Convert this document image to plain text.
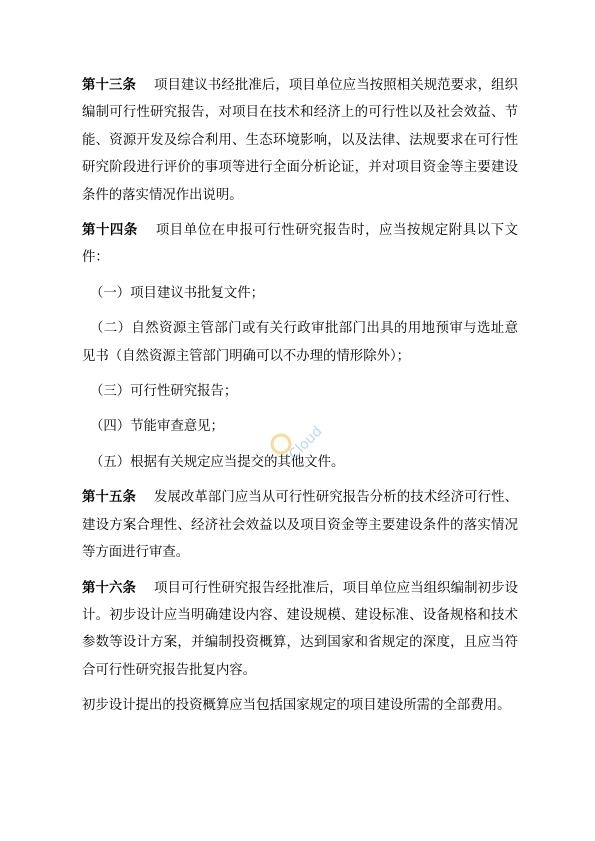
第十三条 项目建议书经批准后，项目单位应当按照相关规范要求，组织编制可行性研究报告，对项目在技术和经济上的可行性以及社会效益、节能、资源开发及综合利用、生态环境影响，以及法律、法规要求在可行性研究阶段进行评价的事项等进行全面分析论证，并对项目资金等主要建设条件的落实情况作出说明。

第十四条 项目单位在申报可行性研究报告时，应当按规定附具以下文件：

（一）项目建议书批复文件；

（二）自然资源主管部门或有关行政审批部门出具的用地预审与选址意见书（自然资源主管部门明确可以不办理的情形除外）；

（三）可行性研究报告；

（四）节能审查意见；

（五）根据有关规定应当提交的其他文件。

第十五条 发展改革部门应当从可行性研究报告分析的技术经济可行性、建设方案合理性、经济社会效益以及项目资金等主要建设条件的落实情况等方面进行审查。

第十六条 项目可行性研究报告经批准后，项目单位应当组织编制初步设计。初步设计应当明确建设内容、建设规模、建设标准、设备规格和技术参数等设计方案，并编制投资概算，达到国家和省规定的深度，且应当符合可行性研究报告批复内容。

初步设计提出的投资概算应当包括国家规定的项目建设所需的全部费用。

Cloud
